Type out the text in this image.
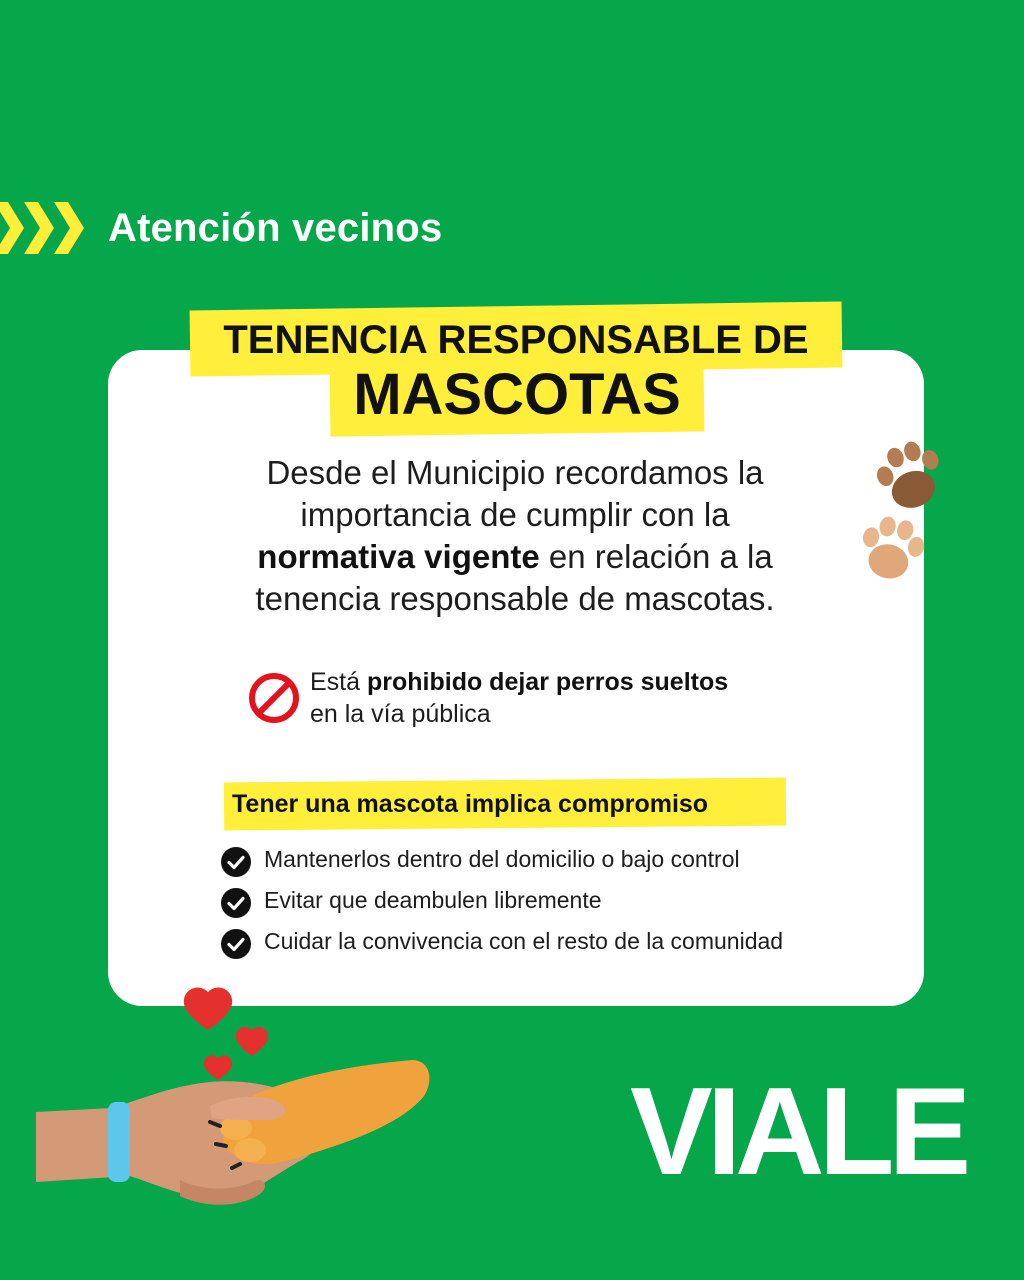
Atención vecinos
TENENCIA RESPONSABLE DE
MASCOTAS
Desde el Municipio recordamos la
importancia de cumplir con la
normativa vigente en relación a la
tenencia responsable de mascotas.
Está prohibido dejar perros sueltos
en la vía pública
Tener una mascota implica compromiso
Mantenerlos dentro del domicilio o bajo control
Evitar que deambulen libremente
Cuidar la convivencia con el resto de la comunidad
VIALE
